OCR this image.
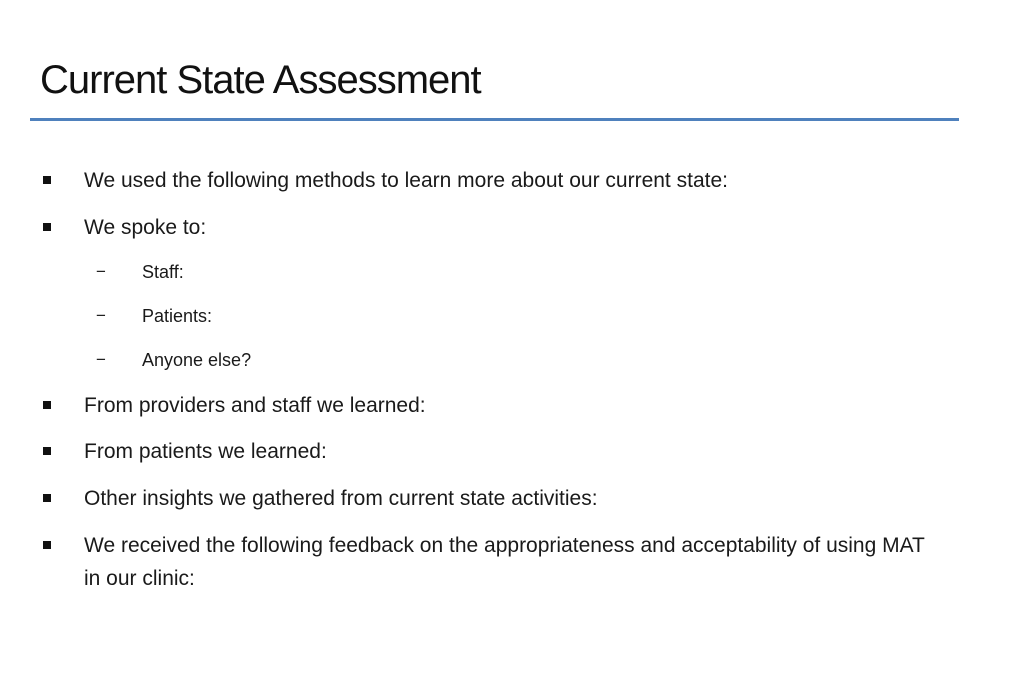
Current State Assessment
We used the following methods to learn more about our current state:
We spoke to:
− Staff:
− Patients:
− Anyone else?
From providers and staff we learned:
From patients we learned:
Other insights we gathered from current state activities:
We received the following feedback on the appropriateness and acceptability of using MAT in our clinic:
